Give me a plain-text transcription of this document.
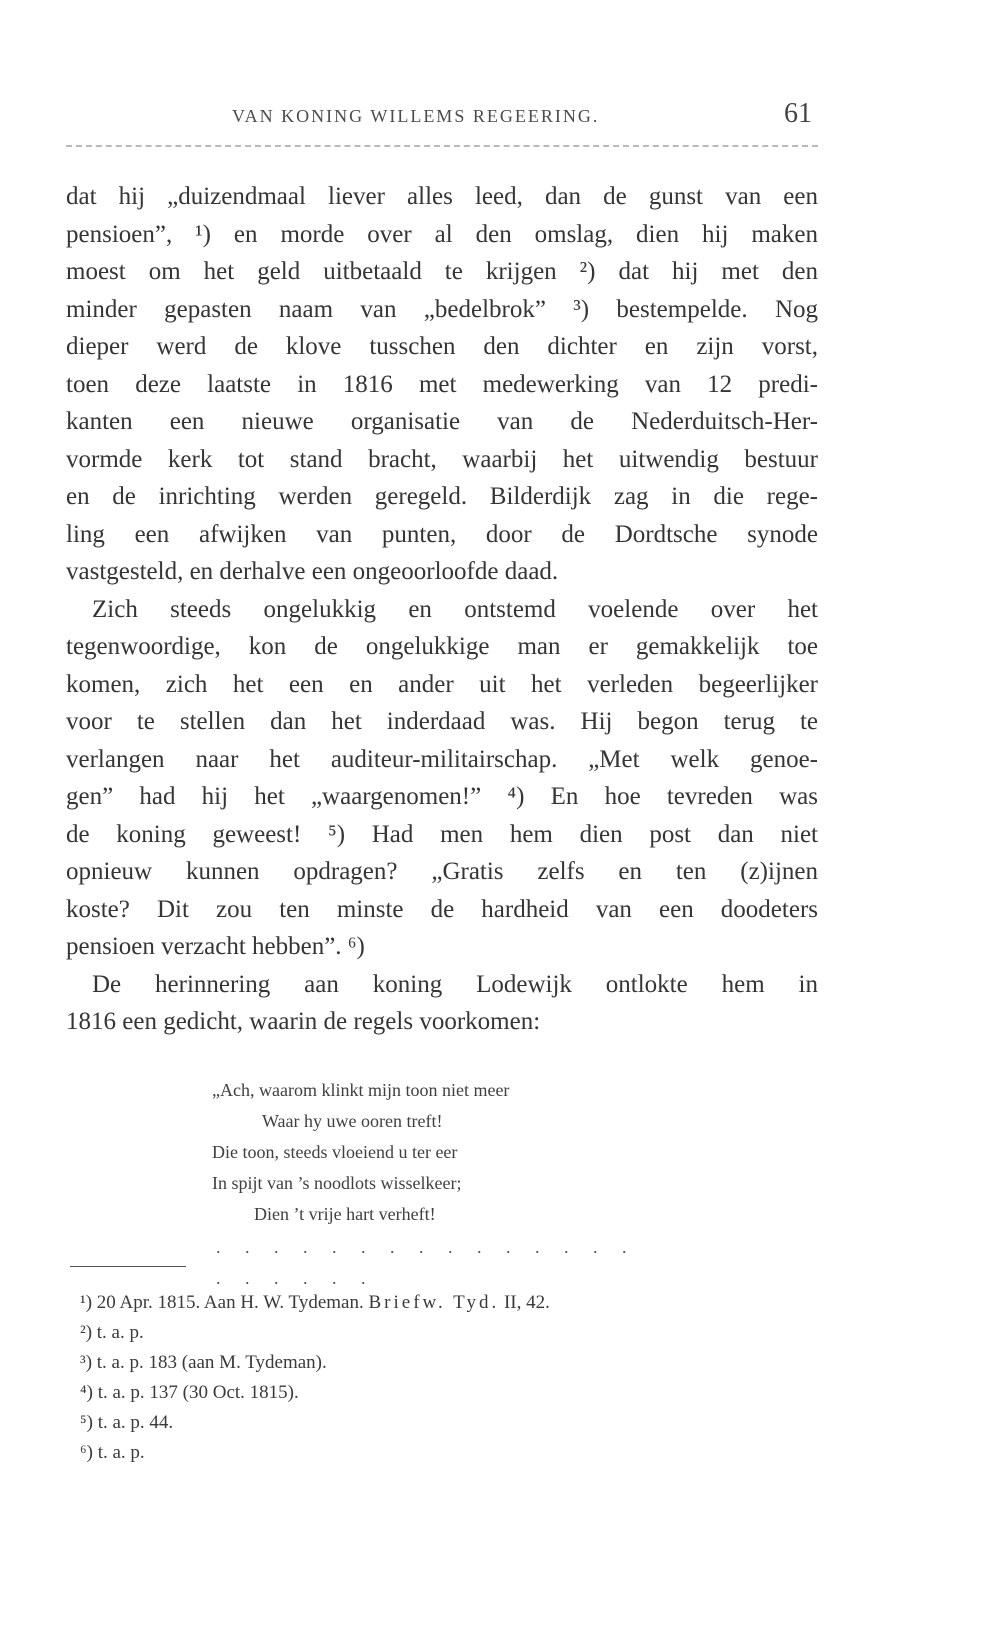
VAN KONING WILLEMS REGEERING.	61
dat hij „duizendmaal liever alles leed, dan de gunst van een
pensioen”, ¹) en morde over al den omslag, dien hij maken
moest om het geld uitbetaald te krijgen ²) dat hij met den
minder gepasten naam van „bedelbrok” ³) bestempelde. Nog
dieper werd de klove tusschen den dichter en zijn vorst,
toen deze laatste in 1816 met medewerking van 12 predi-
kanten een nieuwe organisatie van de Nederduitsch-Her-
vormde kerk tot stand bracht, waarbij het uitwendig bestuur
en de inrichting werden geregeld. Bilderdijk zag in die rege-
ling een afwijken van punten, door de Dordtsche synode
vastgesteld, en derhalve een ongeoorloofde daad.
Zich steeds ongelukkig en ontstemd voelende over het
tegenwoordige, kon de ongelukkige man er gemakkelijk toe
komen, zich het een en ander uit het verleden begeerlijker
voor te stellen dan het inderdaad was. Hij begon terug te
verlangen naar het auditeur-militairschap. „Met welk genoe-
gen” had hij het „waargenomen!” ⁴) En hoe tevreden was
de koning geweest! ⁵) Had men hem dien post dan niet
opnieuw kunnen opdragen? „Gratis zelfs en ten (z)ijnen
koste? Dit zou ten minste de hardheid van een doodeters
pensioen verzacht hebben”. ⁶)
De herinnering aan koning Lodewijk ontlokte hem in
1816 een gedicht, waarin de regels voorkomen:
„Ach, waarom klinkt mijn toon niet meer
Waar hy uwe ooren treft!
Die toon, steeds vloeiend u ter eer
In spijt van ’s noodlots wisselkeer;
Dien ’t vrije hart verheft!
. . . . . . . . . . . . . . . . . . . . .
¹) 20 Apr. 1815. Aan H. W. Tydeman. Briefw. Tyd. II, 42.
²) t. a. p.
³) t. a. p. 183 (aan M. Tydeman).
⁴) t. a. p. 137 (30 Oct. 1815).
⁵) t. a. p. 44.
⁶) t. a. p.
